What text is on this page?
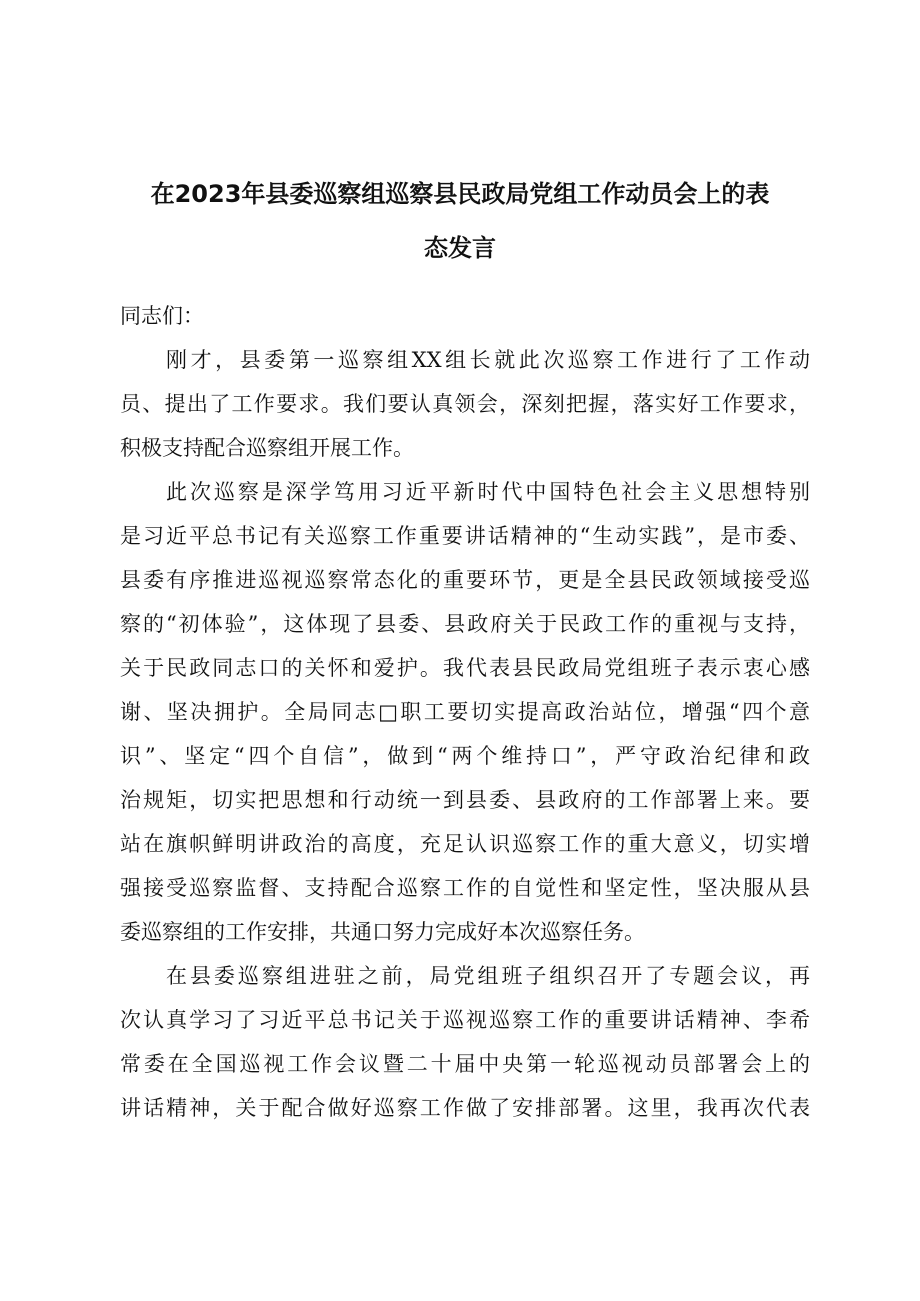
在2023年县委巡察组巡察县民政局党组工作动员会上的表
态发言

同志们：

刚才，县委第一巡察组XX组长就此次巡察工作进行了工作动

员、提出了工作要求。我们要认真领会，深刻把握，落实好工作要求，

积极支持配合巡察组开展工作。

此次巡察是深学笃用习近平新时代中国特色社会主义思想特别

是习近平总书记有关巡察工作重要讲话精神的“生动实践”，是市委、

县委有序推进巡视巡察常态化的重要环节，更是全县民政领域接受巡

察的“初体验”，这体现了县委、县政府关于民政工作的重视与支持，

关于民政同志口的关怀和爱护。我代表县民政局党组班子表示衷心感

谢、坚决拥护。全局同志□职工要切实提高政治站位，增强“四个意

识”、坚定“四个自信”，做到“两个维持口”，严守政治纪律和政

治规矩，切实把思想和行动统一到县委、县政府的工作部署上来。要

站在旗帜鲜明讲政治的高度，充足认识巡察工作的重大意义，切实增

强接受巡察监督、支持配合巡察工作的自觉性和坚定性，坚决服从县

委巡察组的工作安排，共通口努力完成好本次巡察任务。

在县委巡察组进驻之前，局党组班子组织召开了专题会议，再

次认真学习了习近平总书记关于巡视巡察工作的重要讲话精神、李希

常委在全国巡视工作会议暨二十届中央第一轮巡视动员部署会上的

讲话精神，关于配合做好巡察工作做了安排部署。这里，我再次代表
